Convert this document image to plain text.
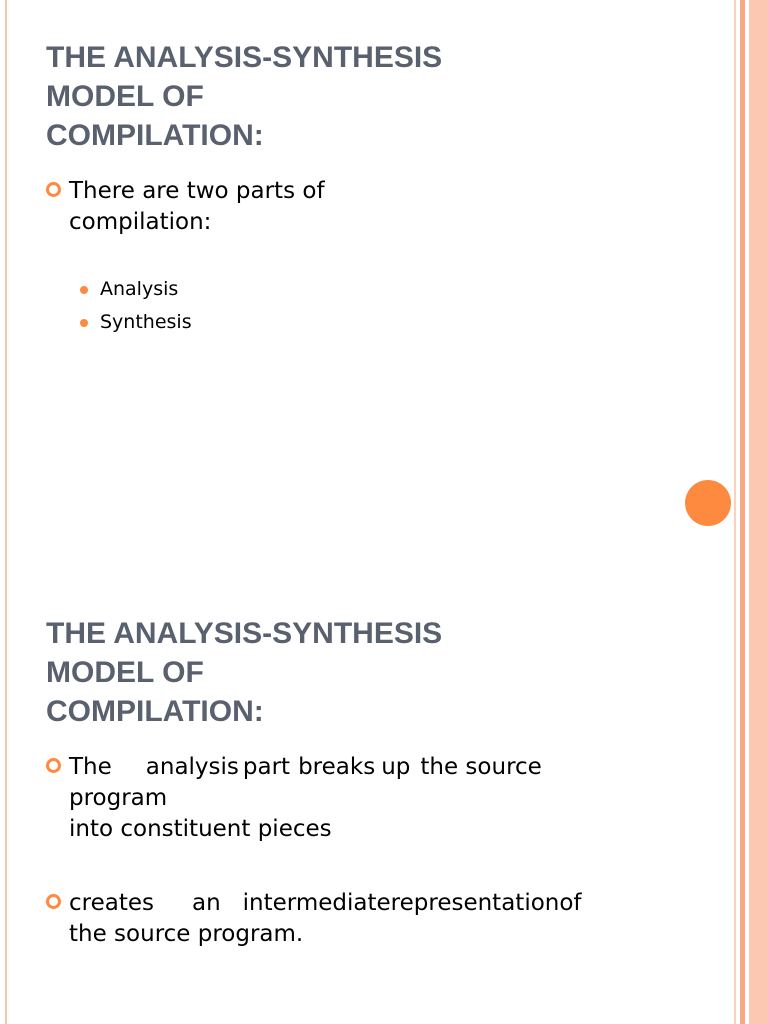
THE ANALYSIS-SYNTHESIS
MODEL OF
COMPILATION:
There are two parts of compilation:
Analysis
Synthesis
THE ANALYSIS-SYNTHESIS
MODEL OF
COMPILATION:
The analysis part breaks up the source
program
into constituent pieces
creates an intermediaterepresentationof
the source program.
